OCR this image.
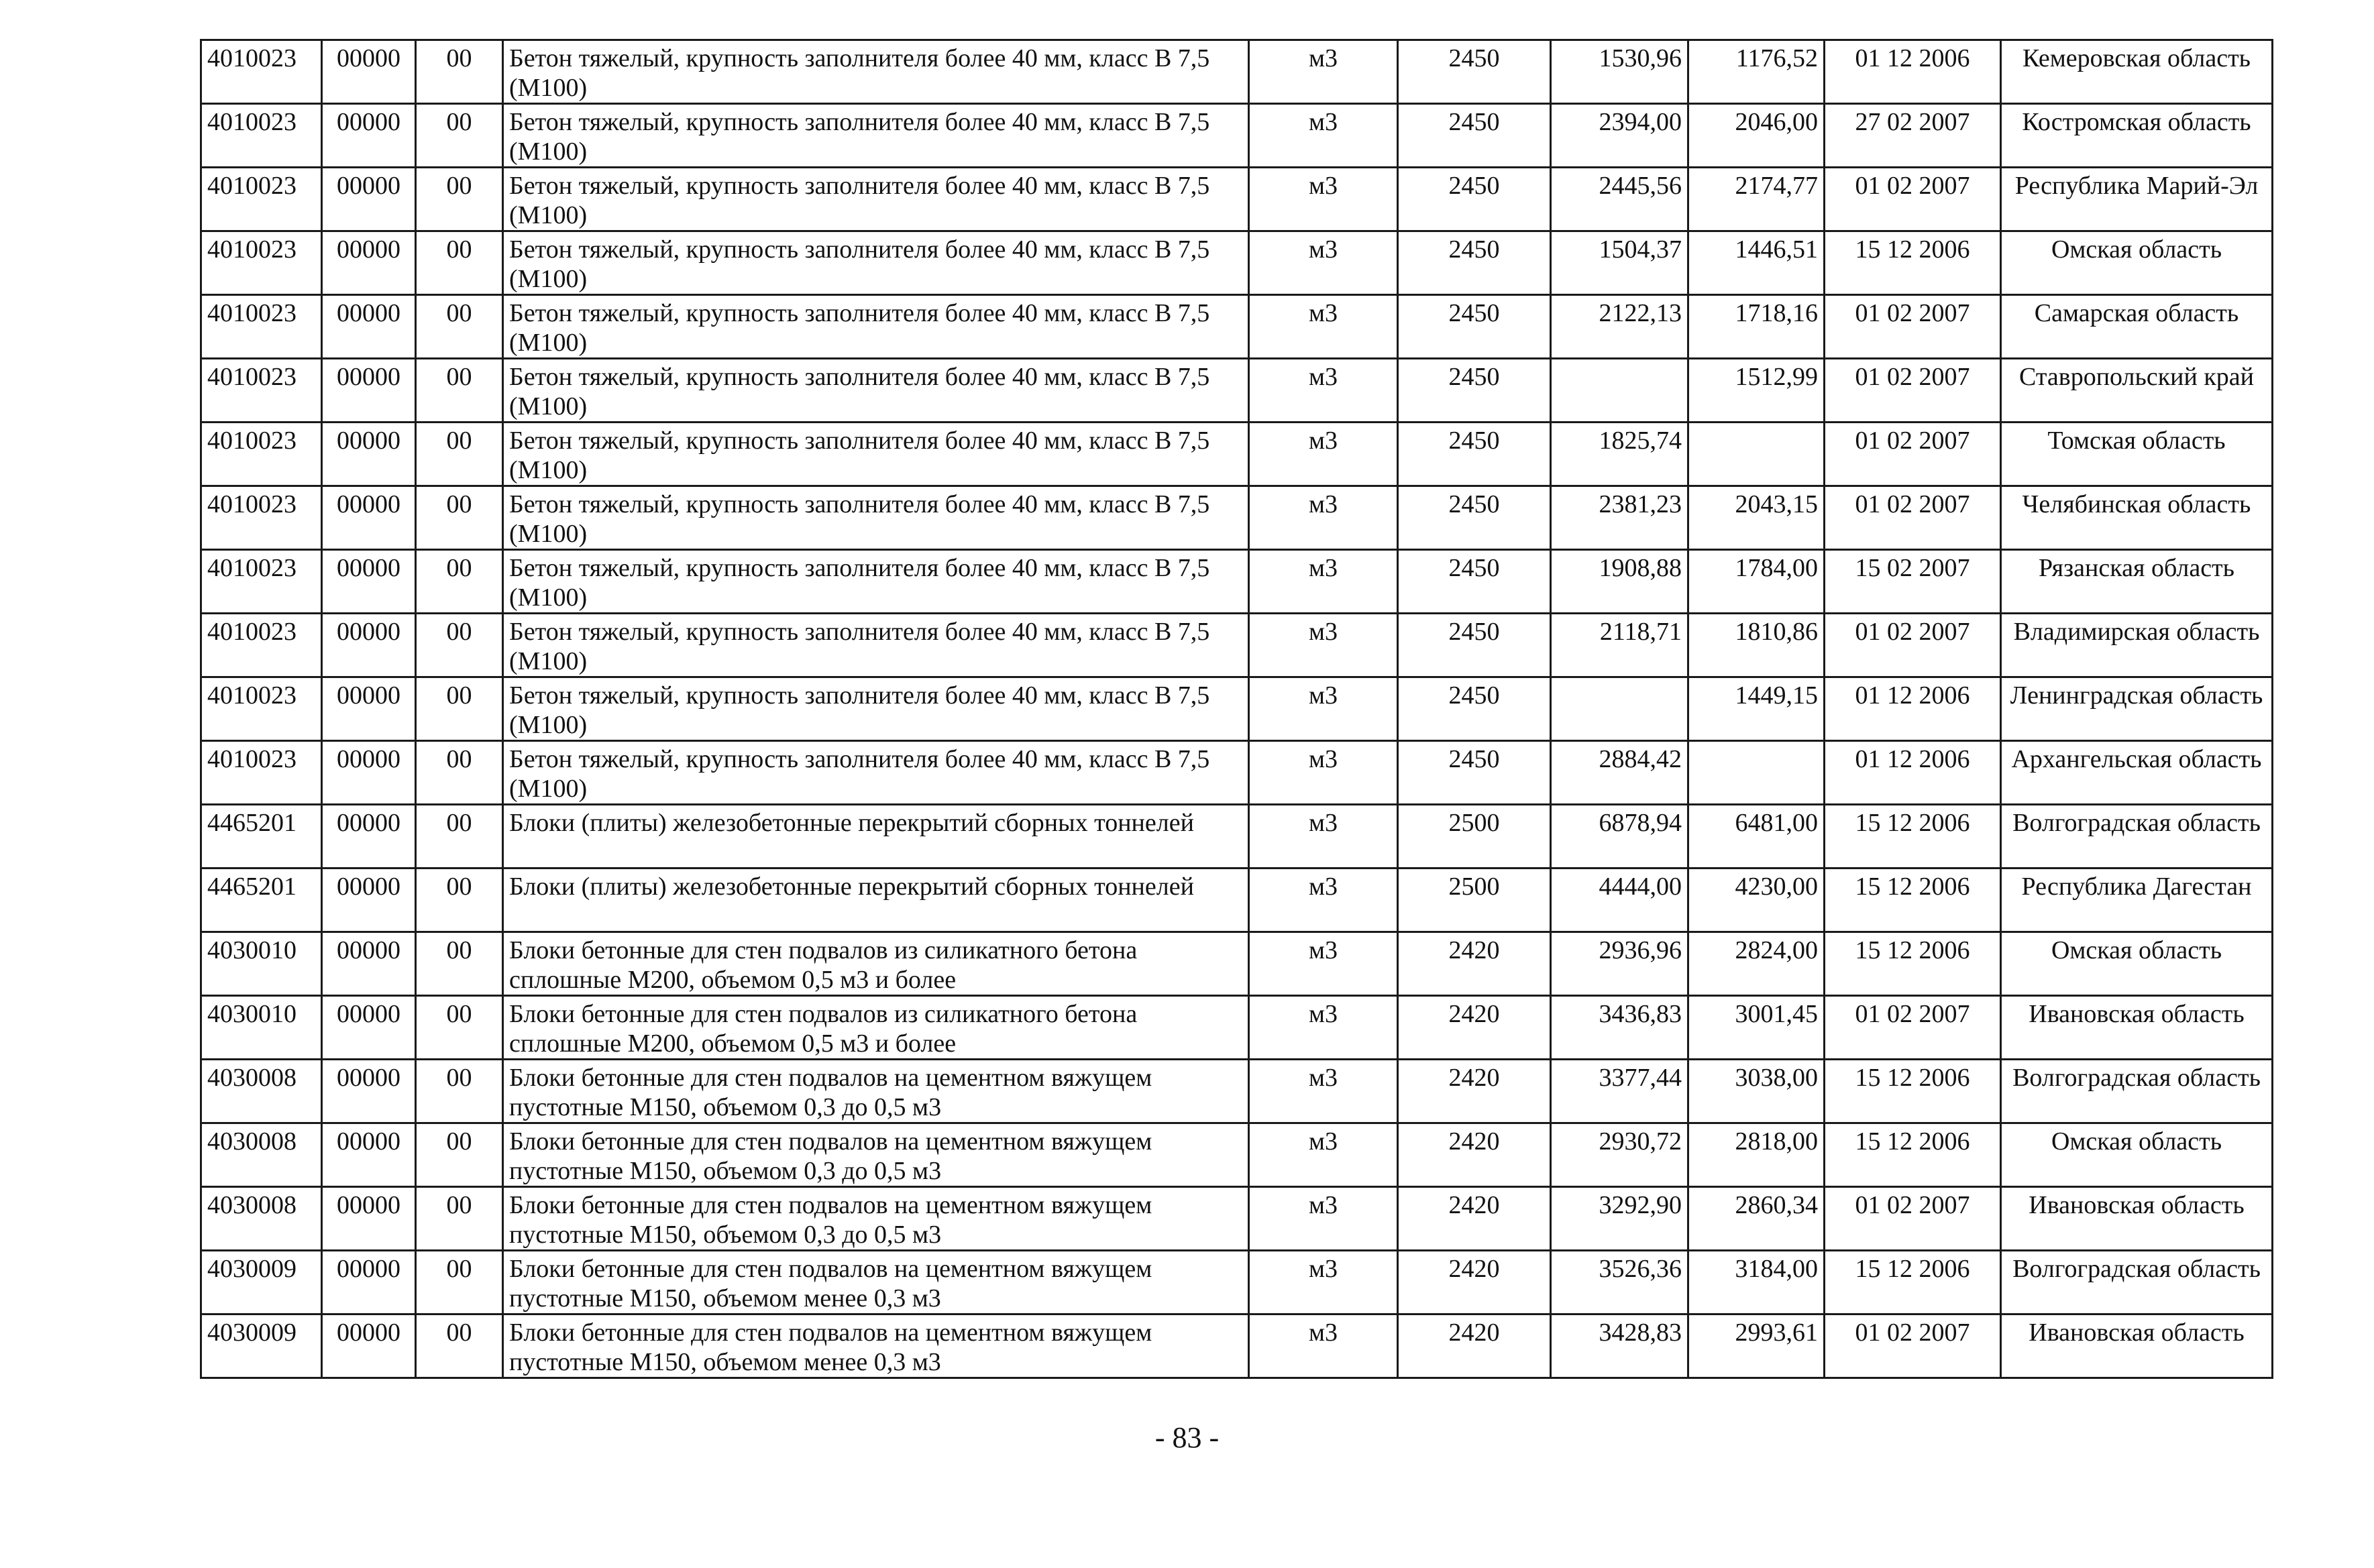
4010023	00000	00	Бетон тяжелый, крупность заполнителя более 40 мм, класс В 7,5 (М100)	м3	2450	1530,96	1176,52	01 12 2006	Кемеровская область
4010023	00000	00	Бетон тяжелый, крупность заполнителя более 40 мм, класс В 7,5 (М100)	м3	2450	2394,00	2046,00	27 02 2007	Костромская область
4010023	00000	00	Бетон тяжелый, крупность заполнителя более 40 мм, класс В 7,5 (М100)	м3	2450	2445,56	2174,77	01 02 2007	Республика Марий-Эл
4010023	00000	00	Бетон тяжелый, крупность заполнителя более 40 мм, класс В 7,5 (М100)	м3	2450	1504,37	1446,51	15 12 2006	Омская область
4010023	00000	00	Бетон тяжелый, крупность заполнителя более 40 мм, класс В 7,5 (М100)	м3	2450	2122,13	1718,16	01 02 2007	Самарская область
4010023	00000	00	Бетон тяжелый, крупность заполнителя более 40 мм, класс В 7,5 (М100)	м3	2450		1512,99	01 02 2007	Ставропольский край
4010023	00000	00	Бетон тяжелый, крупность заполнителя более 40 мм, класс В 7,5 (М100)	м3	2450	1825,74		01 02 2007	Томская область
4010023	00000	00	Бетон тяжелый, крупность заполнителя более 40 мм, класс В 7,5 (М100)	м3	2450	2381,23	2043,15	01 02 2007	Челябинская область
4010023	00000	00	Бетон тяжелый, крупность заполнителя более 40 мм, класс В 7,5 (М100)	м3	2450	1908,88	1784,00	15 02 2007	Рязанская область
4010023	00000	00	Бетон тяжелый, крупность заполнителя более 40 мм, класс В 7,5 (М100)	м3	2450	2118,71	1810,86	01 02 2007	Владимирская область
4010023	00000	00	Бетон тяжелый, крупность заполнителя более 40 мм, класс В 7,5 (М100)	м3	2450		1449,15	01 12 2006	Ленинградская область
4010023	00000	00	Бетон тяжелый, крупность заполнителя более 40 мм, класс В 7,5 (М100)	м3	2450	2884,42		01 12 2006	Архангельская область
4465201	00000	00	Блоки (плиты) железобетонные перекрытий сборных тоннелей	м3	2500	6878,94	6481,00	15 12 2006	Волгоградская область
4465201	00000	00	Блоки (плиты) железобетонные перекрытий сборных тоннелей	м3	2500	4444,00	4230,00	15 12 2006	Республика Дагестан
4030010	00000	00	Блоки бетонные для стен подвалов из силикатного бетона сплошные М200, объемом 0,5 м3 и более	м3	2420	2936,96	2824,00	15 12 2006	Омская область
4030010	00000	00	Блоки бетонные для стен подвалов из силикатного бетона сплошные М200, объемом 0,5 м3 и более	м3	2420	3436,83	3001,45	01 02 2007	Ивановская область
4030008	00000	00	Блоки бетонные для стен подвалов на цементном вяжущем пустотные М150, объемом 0,3 до 0,5 м3	м3	2420	3377,44	3038,00	15 12 2006	Волгоградская область
4030008	00000	00	Блоки бетонные для стен подвалов на цементном вяжущем пустотные М150, объемом 0,3 до 0,5 м3	м3	2420	2930,72	2818,00	15 12 2006	Омская область
4030008	00000	00	Блоки бетонные для стен подвалов на цементном вяжущем пустотные М150, объемом 0,3 до 0,5 м3	м3	2420	3292,90	2860,34	01 02 2007	Ивановская область
4030009	00000	00	Блоки бетонные для стен подвалов на цементном вяжущем пустотные М150, объемом менее 0,3 м3	м3	2420	3526,36	3184,00	15 12 2006	Волгоградская область
4030009	00000	00	Блоки бетонные для стен подвалов на цементном вяжущем пустотные М150, объемом менее 0,3 м3	м3	2420	3428,83	2993,61	01 02 2007	Ивановская область
- 83 -
